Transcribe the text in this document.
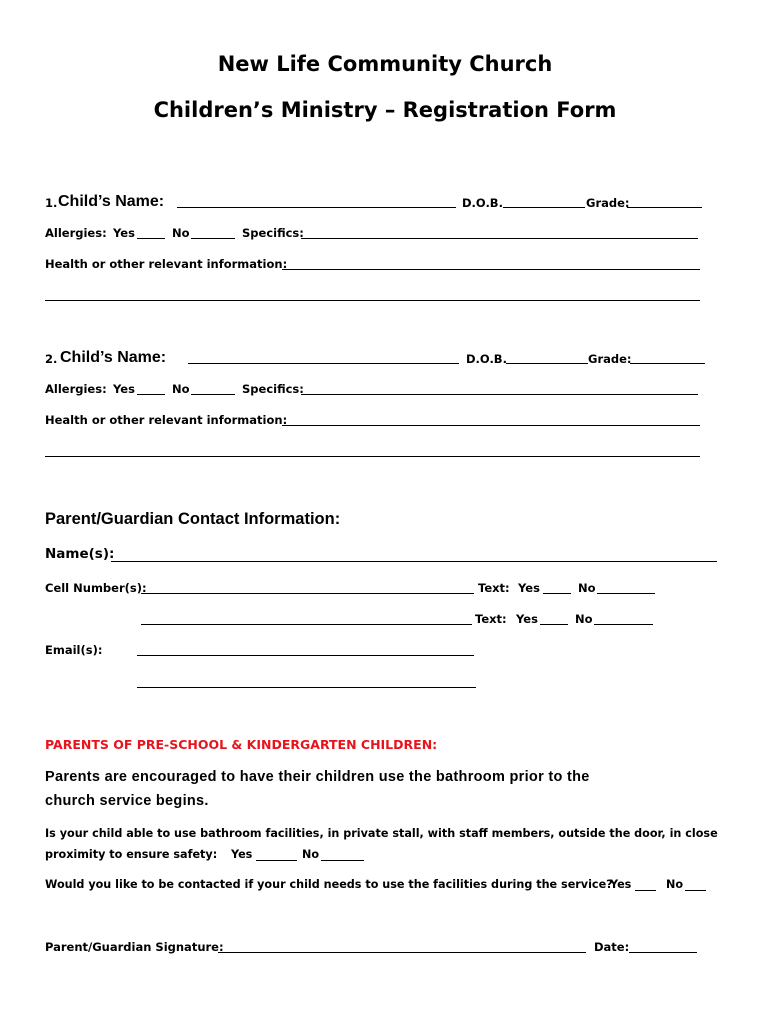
New Life Community Church
Children’s Ministry – Registration Form
1. Child’s Name:	D.O.B.	Grade:
Allergies: Yes	No	Specifics:
Health or other relevant information:
2. Child’s Name:	D.O.B.	Grade:
Allergies: Yes	No	Specifics:
Health or other relevant information:
Parent/Guardian Contact Information:
Name(s):
Cell Number(s):	Text: Yes	No
Text: Yes	No
Email(s):
PARENTS OF PRE-SCHOOL & KINDERGARTEN CHILDREN:
Parents are encouraged to have their children use the bathroom prior to the
church service begins.
Is your child able to use bathroom facilities, in private stall, with staff members, outside the door, in close
proximity to ensure safety: Yes	No
Would you like to be contacted if your child needs to use the facilities during the service?
Yes	No
Parent/Guardian Signature:	Date:
